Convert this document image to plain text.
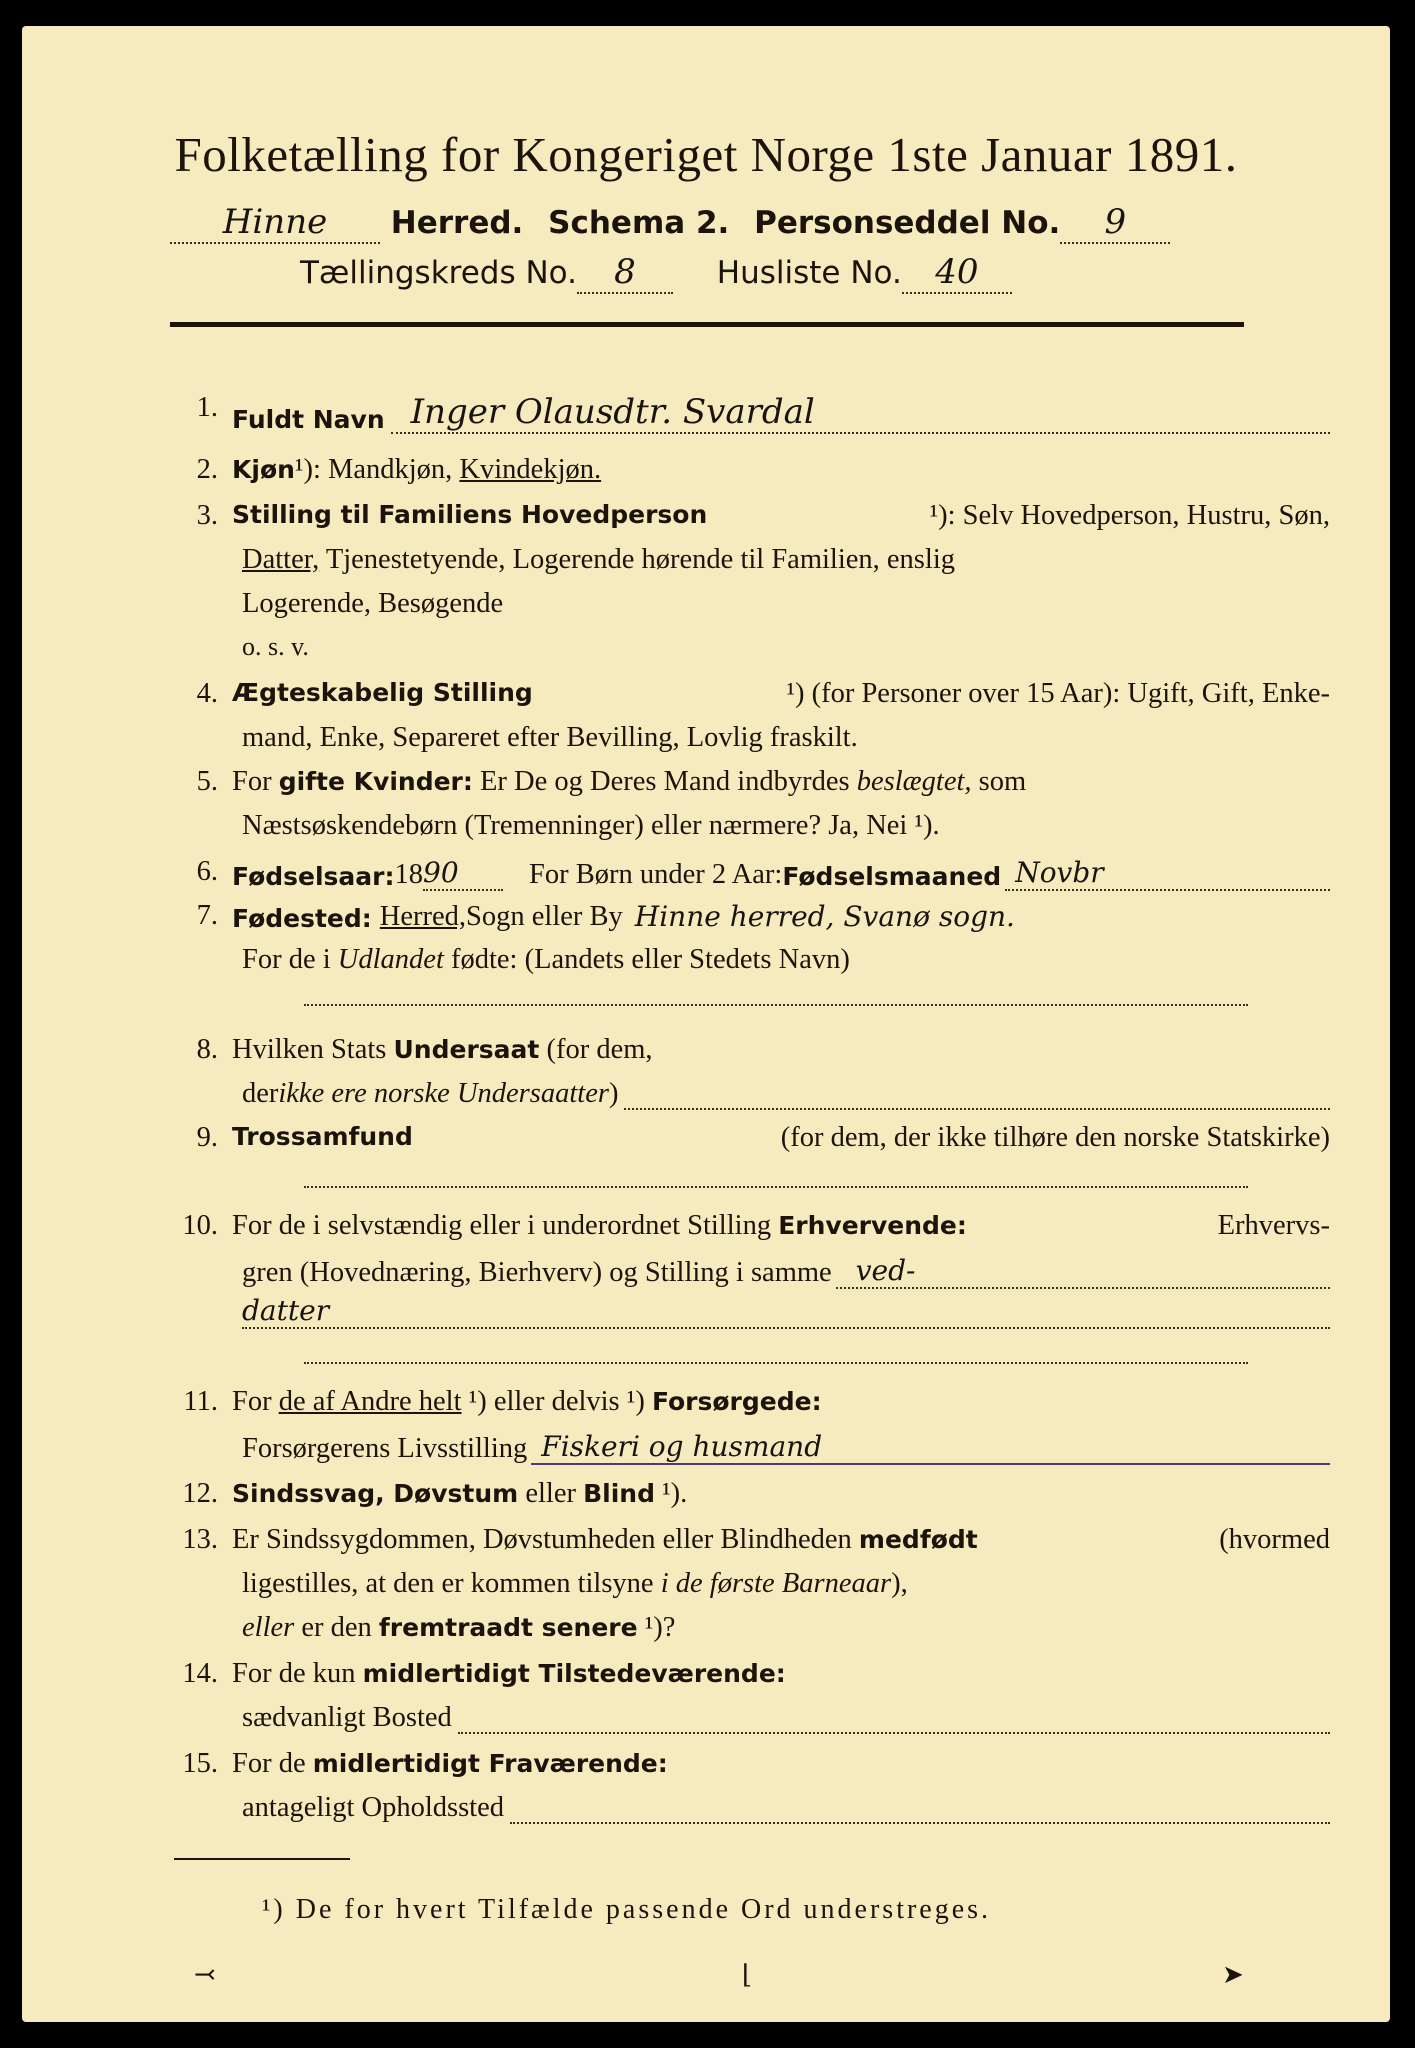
Folketælling for Kongeriget Norge 1ste Januar 1891.
Hinne Herred. Schema 2. Personseddel No. 9
Tællingskreds No. 8	Husliste No. 40
1. Fuldt Navn Inger Olausdtr. Svardal
2. Kjøn¹): Mandkjøn, Kvindekjøn.
3. Stilling til Familiens Hovedperson	¹): Selv Hovedperson, Hustru, Søn,
Datter, Tjenestetyende, Logerende hørende til Familien, enslig
Logerende, Besøgende
o. s. v.
4. Ægteskabelig Stilling	¹) (for Personer over 15 Aar): Ugift, Gift, Enke-
mand, Enke, Separeret efter Bevilling, Lovlig fraskilt.
5. For gifte Kvinder: Er De og Deres Mand indbyrdes beslægtet, som
Næstsøskendebørn (Tremenninger) eller nærmere? Ja, Nei ¹).
6. Fødselsaar: 18 90	For Børn under 2 Aar: Fødselsmaaned Novbr
7. Fødested: Herred, Sogn eller By Hinne herred, Svanø sogn.
For de i Udlandet fødte: (Landets eller Stedets Navn)
8. Hvilken Stats Undersaat (for dem,
der ikke ere norske Undersaatter )
9. Trossamfund	(for dem, der ikke tilhøre den norske Statskirke)
10. For de i selvstændig eller i underordnet Stilling Erhvervende:	Erhvervs-
gren (Hovednæring, Bierhverv) og Stilling i samme ved-
datter
11. For de af Andre helt ¹) eller delvis ¹) Forsørgede:
Forsørgerens Livsstilling Fiskeri og husmand
12. Sindssvag, Døvstum eller Blind ¹).
13. Er Sindssygdommen, Døvstumheden eller Blindheden medfødt	(hvormed
ligestilles, at den er kommen tilsyne i de første Barneaar),
eller er den fremtraadt senere ¹)?
14. For de kun midlertidigt Tilstedeværende:
sædvanligt Bosted
15. For de midlertidigt Fraværende:
antageligt Opholdssted
¹) De for hvert Tilfælde passende Ord understreges.
⤙	⌊	➤
